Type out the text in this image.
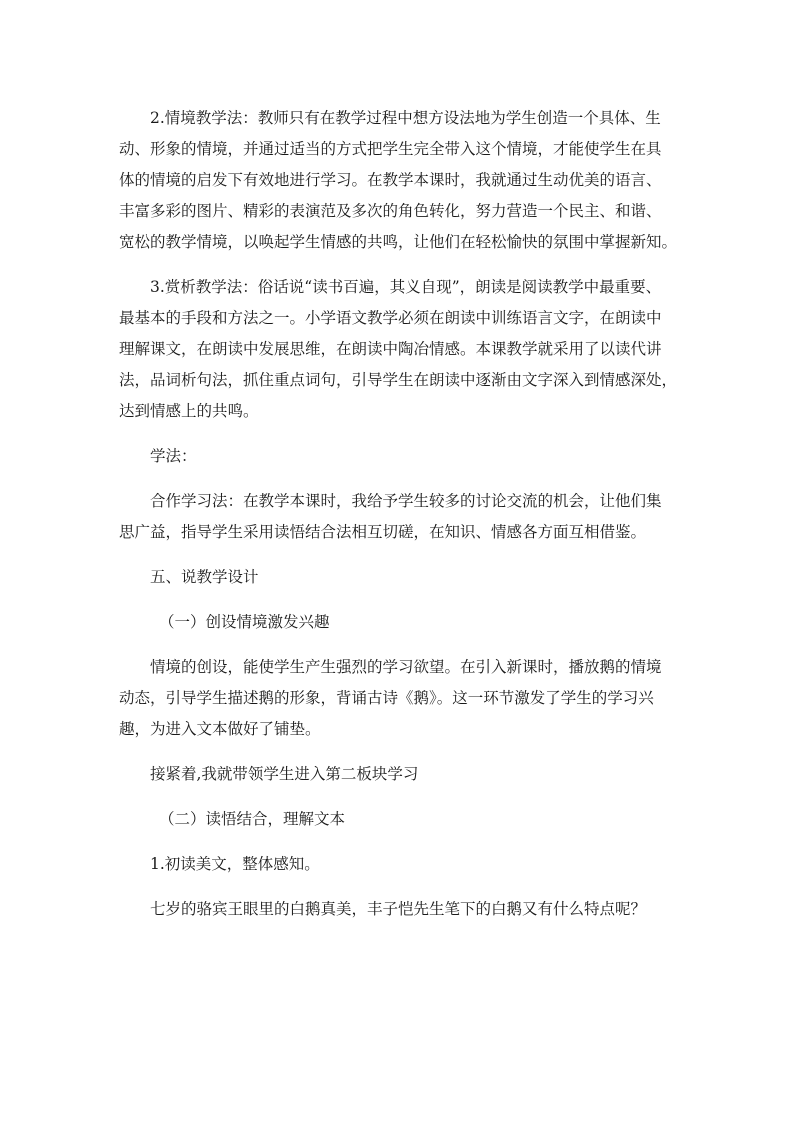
2.情境教学法：教师只有在教学过程中想方设法地为学生创造一个具体、生
动、形象的情境，并通过适当的方式把学生完全带入这个情境，才能使学生在具
体的情境的启发下有效地进行学习。在教学本课时，我就通过生动优美的语言、
丰富多彩的图片、精彩的表演范及多次的角色转化，努力营造一个民主、和谐、
宽松的教学情境，以唤起学生情感的共鸣，让他们在轻松愉快的氛围中掌握新知。
3.赏析教学法：俗话说“读书百遍，其义自现”，朗读是阅读教学中最重要、
最基本的手段和方法之一。小学语文教学必须在朗读中训练语言文字，在朗读中
理解课文，在朗读中发展思维，在朗读中陶冶情感。本课教学就采用了以读代讲
法，品词析句法，抓住重点词句，引导学生在朗读中逐渐由文字深入到情感深处，
达到情感上的共鸣。
学法：
合作学习法：在教学本课时，我给予学生较多的讨论交流的机会，让他们集
思广益，指导学生采用读悟结合法相互切磋，在知识、情感各方面互相借鉴。
五、说教学设计
（一）创设情境激发兴趣
情境的创设，能使学生产生强烈的学习欲望。在引入新课时，播放鹅的情境
动态，引导学生描述鹅的形象，背诵古诗《鹅》。这一环节激发了学生的学习兴
趣，为进入文本做好了铺垫。
接紧着,我就带领学生进入第二板块学习
（二）读悟结合，理解文本
1.初读美文，整体感知。
七岁的骆宾王眼里的白鹅真美，丰子恺先生笔下的白鹅又有什么特点呢？
